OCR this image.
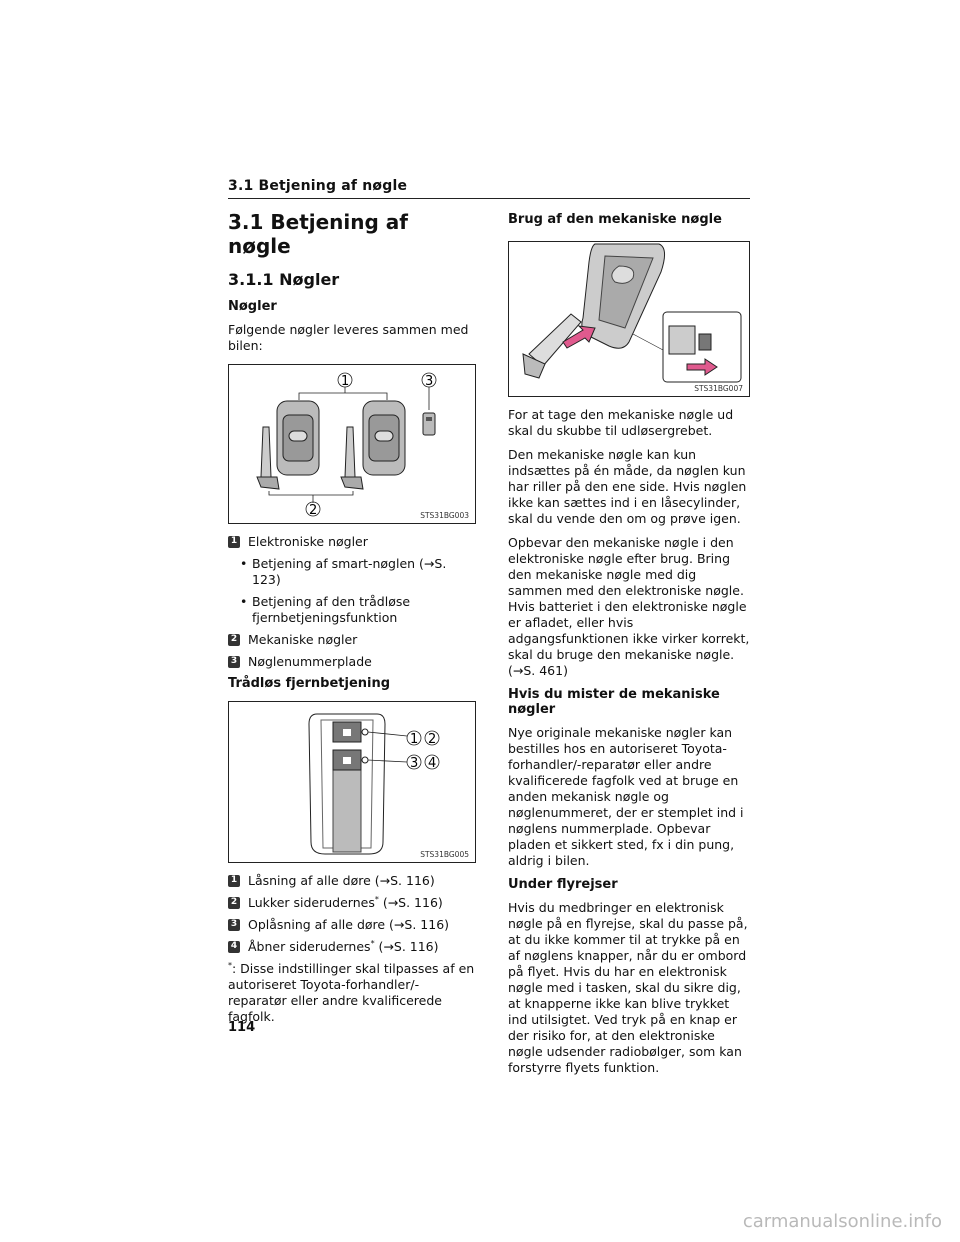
3.1 Betjening af nøgle
3.1 Betjening af nøgle
3.1.1 Nøgler
Nøgler

Følgende nøgler leveres sammen med bilen:

1	3
2	STS31BG003
1 Elektroniske nøgler
• Betjening af smart-nøglen (→S. 123)
• Betjening af den trådløse fjernbetjeningsfunktion
2 Mekaniske nøgler
3 Nøglenummerplade
Trådløs fjernbetjening
1 2
3 4
STS31BG005
1 Låsning af alle døre (→S. 116)
2 Lukker siderudernes* (→S. 116)
3 Oplåsning af alle døre (→S. 116)
4 Åbner siderudernes* (→S. 116)

*: Disse indstillinger skal tilpasses af en autoriseret Toyota-forhandler/-reparatør eller andre kvalificerede fagfolk.

Brug af den mekaniske nøgle
STS31BG007

For at tage den mekaniske nøgle ud skal du skubbe til udløsergrebet.

Den mekaniske nøgle kan kun indsættes på én måde, da nøglen kun har riller på den ene side. Hvis nøglen ikke kan sættes ind i en låsecylinder, skal du vende den om og prøve igen.

Opbevar den mekaniske nøgle i den elektroniske nøgle efter brug. Bring den mekaniske nøgle med dig sammen med den elektroniske nøgle. Hvis batteriet i den elektroniske nøgle er afladet, eller hvis adgangsfunktionen ikke virker korrekt, skal du bruge den mekaniske nøgle. (→S. 461)

Hvis du mister de mekaniske nøgler

Nye originale mekaniske nøgler kan bestilles hos en autoriseret Toyota-forhandler/-reparatør eller andre kvalificerede fagfolk ved at bruge en anden mekanisk nøgle og nøglenummeret, der er stemplet ind i nøglens nummerplade. Opbevar pladen et sikkert sted, fx i din pung, aldrig i bilen.

Under flyrejser

Hvis du medbringer en elektronisk nøgle på en flyrejse, skal du passe på, at du ikke kommer til at trykke på en af nøglens knapper, når du er ombord på flyet. Hvis du har en elektronisk nøgle med i tasken, skal du sikre dig, at knapperne ikke kan blive trykket ind utilsigtet. Ved tryk på en knap er der risiko for, at den elektroniske nøgle udsender radiobølger, som kan forstyrre flyets funktion.

114
carmanualsonline.info
